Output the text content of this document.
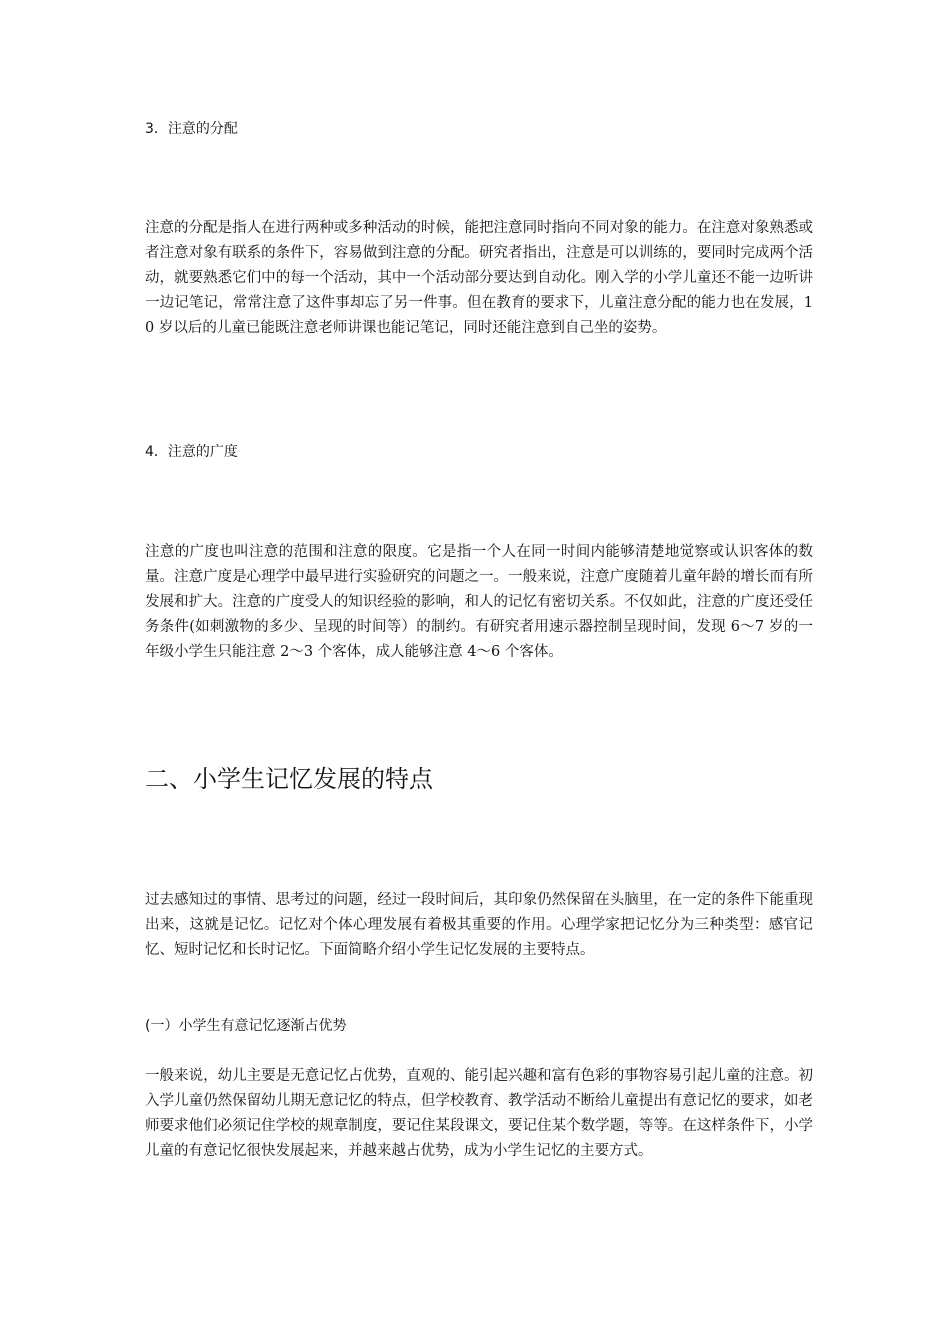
3．注意的分配

注意的分配是指人在进行两种或多种活动的时候，能把注意同时指向不同对象的能力。在注意对象熟悉或者注意对象有联系的条件下，容易做到注意的分配。研究者指出，注意是可以训练的，要同时完成两个活动，就要熟悉它们中的每一个活动，其中一个活动部分要达到自动化。刚入学的小学儿童还不能一边听讲一边记笔记，常常注意了这件事却忘了另一件事。但在教育的要求下，儿童注意分配的能力也在发展，10 岁以后的儿童已能既注意老师讲课也能记笔记，同时还能注意到自己坐的姿势。

4．注意的广度

注意的广度也叫注意的范围和注意的限度。它是指一个人在同一时间内能够清楚地觉察或认识客体的数量。注意广度是心理学中最早进行实验研究的问题之一。一般来说，注意广度随着儿童年龄的增长而有所发展和扩大。注意的广度受人的知识经验的影响，和人的记忆有密切关系。不仅如此，注意的广度还受任务条件(如刺激物的多少、呈现的时间等）的制约。有研究者用速示器控制呈现时间，发现 6～7 岁的一年级小学生只能注意 2～3 个客体，成人能够注意 4～6 个客体。

二、小学生记忆发展的特点

过去感知过的事情、思考过的问题，经过一段时间后，其印象仍然保留在头脑里，在一定的条件下能重现出来，这就是记忆。记忆对个体心理发展有着极其重要的作用。心理学家把记忆分为三种类型：感官记忆、短时记忆和长时记忆。下面简略介绍小学生记忆发展的主要特点。

(一）小学生有意记忆逐渐占优势

一般来说，幼儿主要是无意记忆占优势，直观的、能引起兴趣和富有色彩的事物容易引起儿童的注意。初入学儿童仍然保留幼儿期无意记忆的特点，但学校教育、教学活动不断给儿童提出有意记忆的要求，如老师要求他们必须记住学校的规章制度，要记住某段课文，要记住某个数学题，等等。在这样条件下，小学儿童的有意记忆很快发展起来，并越来越占优势，成为小学生记忆的主要方式。
